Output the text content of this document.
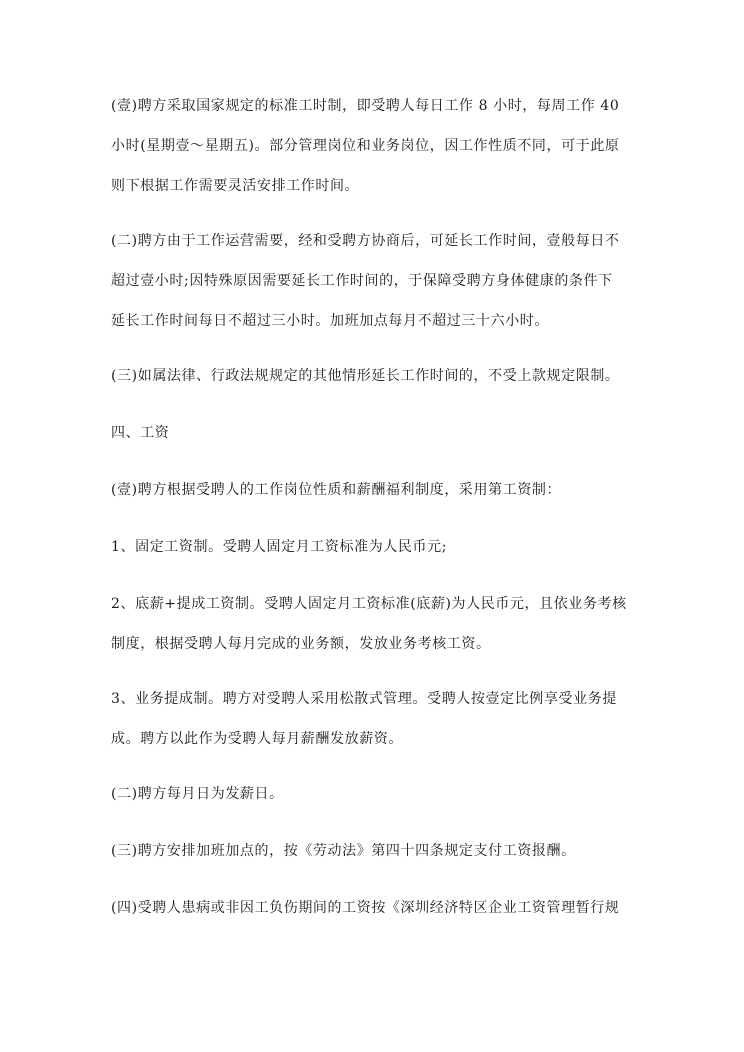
(壹)聘方采取国家规定的标准工时制，即受聘人每日工作 8 小时，每周工作 40
小时(星期壹～星期五)。部分管理岗位和业务岗位，因工作性质不同，可于此原
则下根据工作需要灵活安排工作时间。
(二)聘方由于工作运营需要，经和受聘方协商后，可延长工作时间，壹般每日不
超过壹小时;因特殊原因需要延长工作时间的，于保障受聘方身体健康的条件下
延长工作时间每日不超过三小时。加班加点每月不超过三十六小时。
(三)如属法律、行政法规规定的其他情形延长工作时间的，不受上款规定限制。
四、工资
(壹)聘方根据受聘人的工作岗位性质和薪酬福利制度，采用第工资制：
1、固定工资制。受聘人固定月工资标准为人民币元;
2、底薪+提成工资制。受聘人固定月工资标准(底薪)为人民币元，且依业务考核
制度，根据受聘人每月完成的业务额，发放业务考核工资。
3、业务提成制。聘方对受聘人采用松散式管理。受聘人按壹定比例享受业务提
成。聘方以此作为受聘人每月薪酬发放薪资。
(二)聘方每月日为发薪日。
(三)聘方安排加班加点的，按《劳动法》第四十四条规定支付工资报酬。
(四)受聘人患病或非因工负伤期间的工资按《深圳经济特区企业工资管理暂行规
